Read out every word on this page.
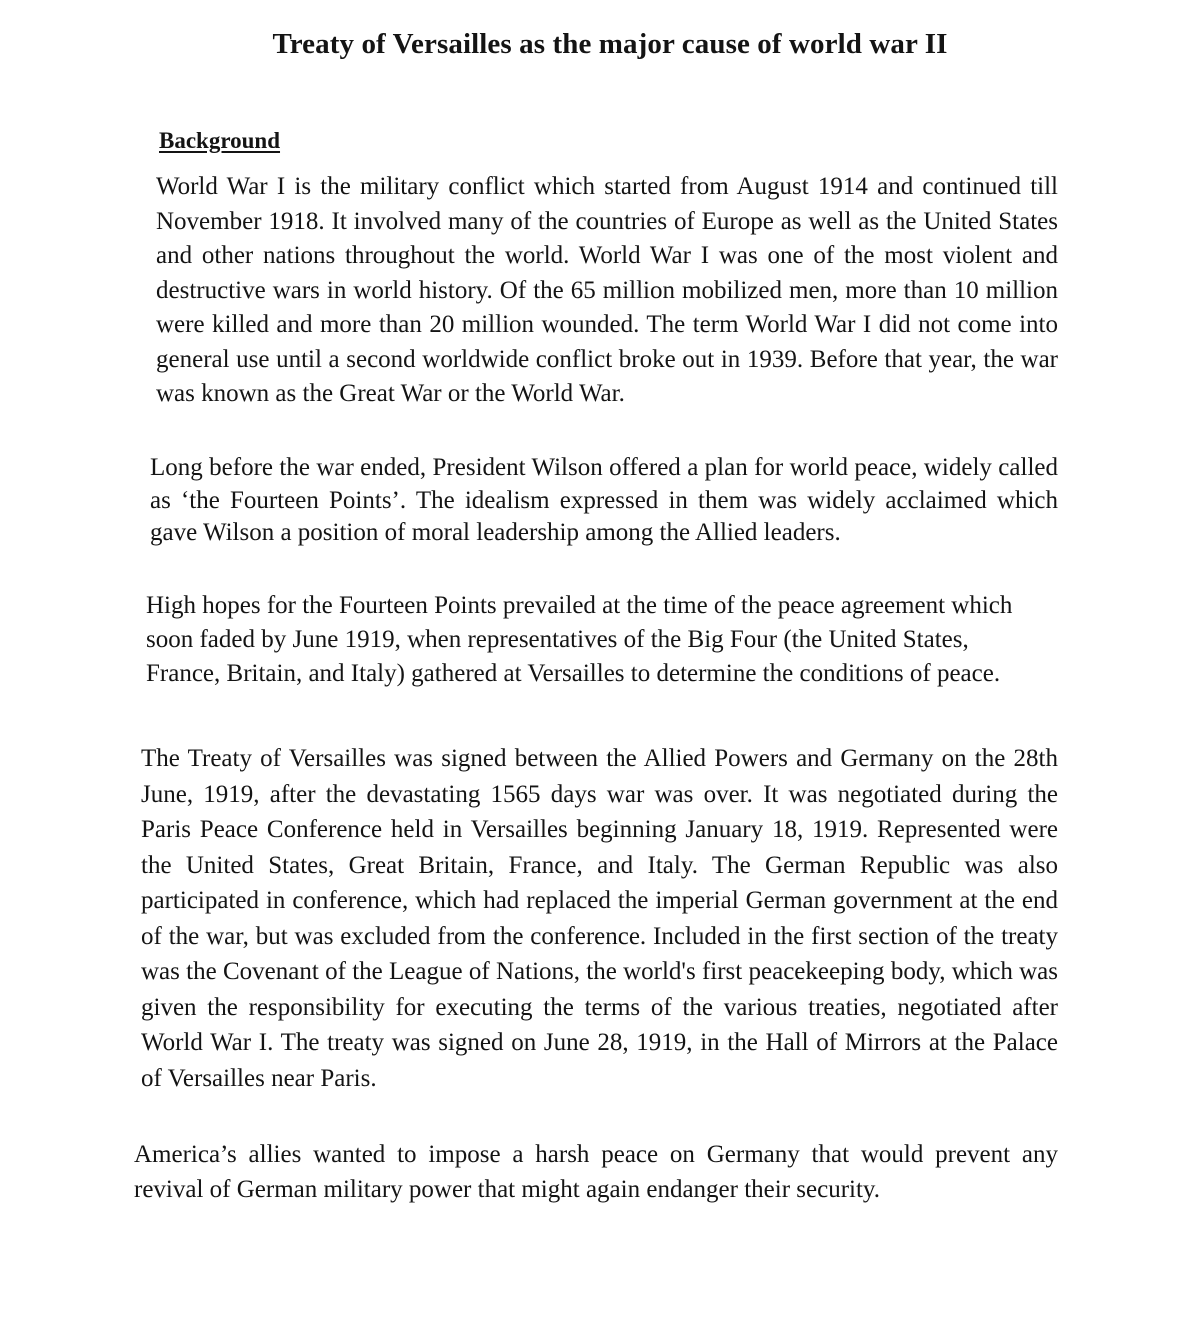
Treaty of Versailles as the major cause of world war II
Background

World War I is the military conflict which started from August 1914 and continued till November 1918. It involved many of the countries of Europe as well as the United States and other nations throughout the world. World War I was one of the most violent and destructive wars in world history. Of the 65 million mobilized men, more than 10 million were killed and more than 20 million wounded. The term World War I did not come into general use until a second worldwide conflict broke out in 1939. Before that year, the war was known as the Great War or the World War.

Long before the war ended, President Wilson offered a plan for world peace, widely called as ‘the Fourteen Points’. The idealism expressed in them was widely acclaimed which gave Wilson a position of moral leadership among the Allied leaders.

High hopes for the Fourteen Points prevailed at the time of the peace agreement which soon faded by June 1919, when representatives of the Big Four (the United States, France, Britain, and Italy) gathered at Versailles to determine the conditions of peace.

The Treaty of Versailles was signed between the Allied Powers and Germany on the 28th June, 1919, after the devastating 1565 days war was over. It was negotiated during the Paris Peace Conference held in Versailles beginning January 18, 1919. Represented were the United States, Great Britain, France, and Italy. The German Republic was also participated in conference, which had replaced the imperial German government at the end of the war, but was excluded from the conference. Included in the first section of the treaty was the Covenant of the League of Nations, the world's first peacekeeping body, which was given the responsibility for executing the terms of the various treaties, negotiated after World War I. The treaty was signed on June 28, 1919, in the Hall of Mirrors at the Palace of Versailles near Paris.

America’s allies wanted to impose a harsh peace on Germany that would prevent any revival of German military power that might again endanger their security.
